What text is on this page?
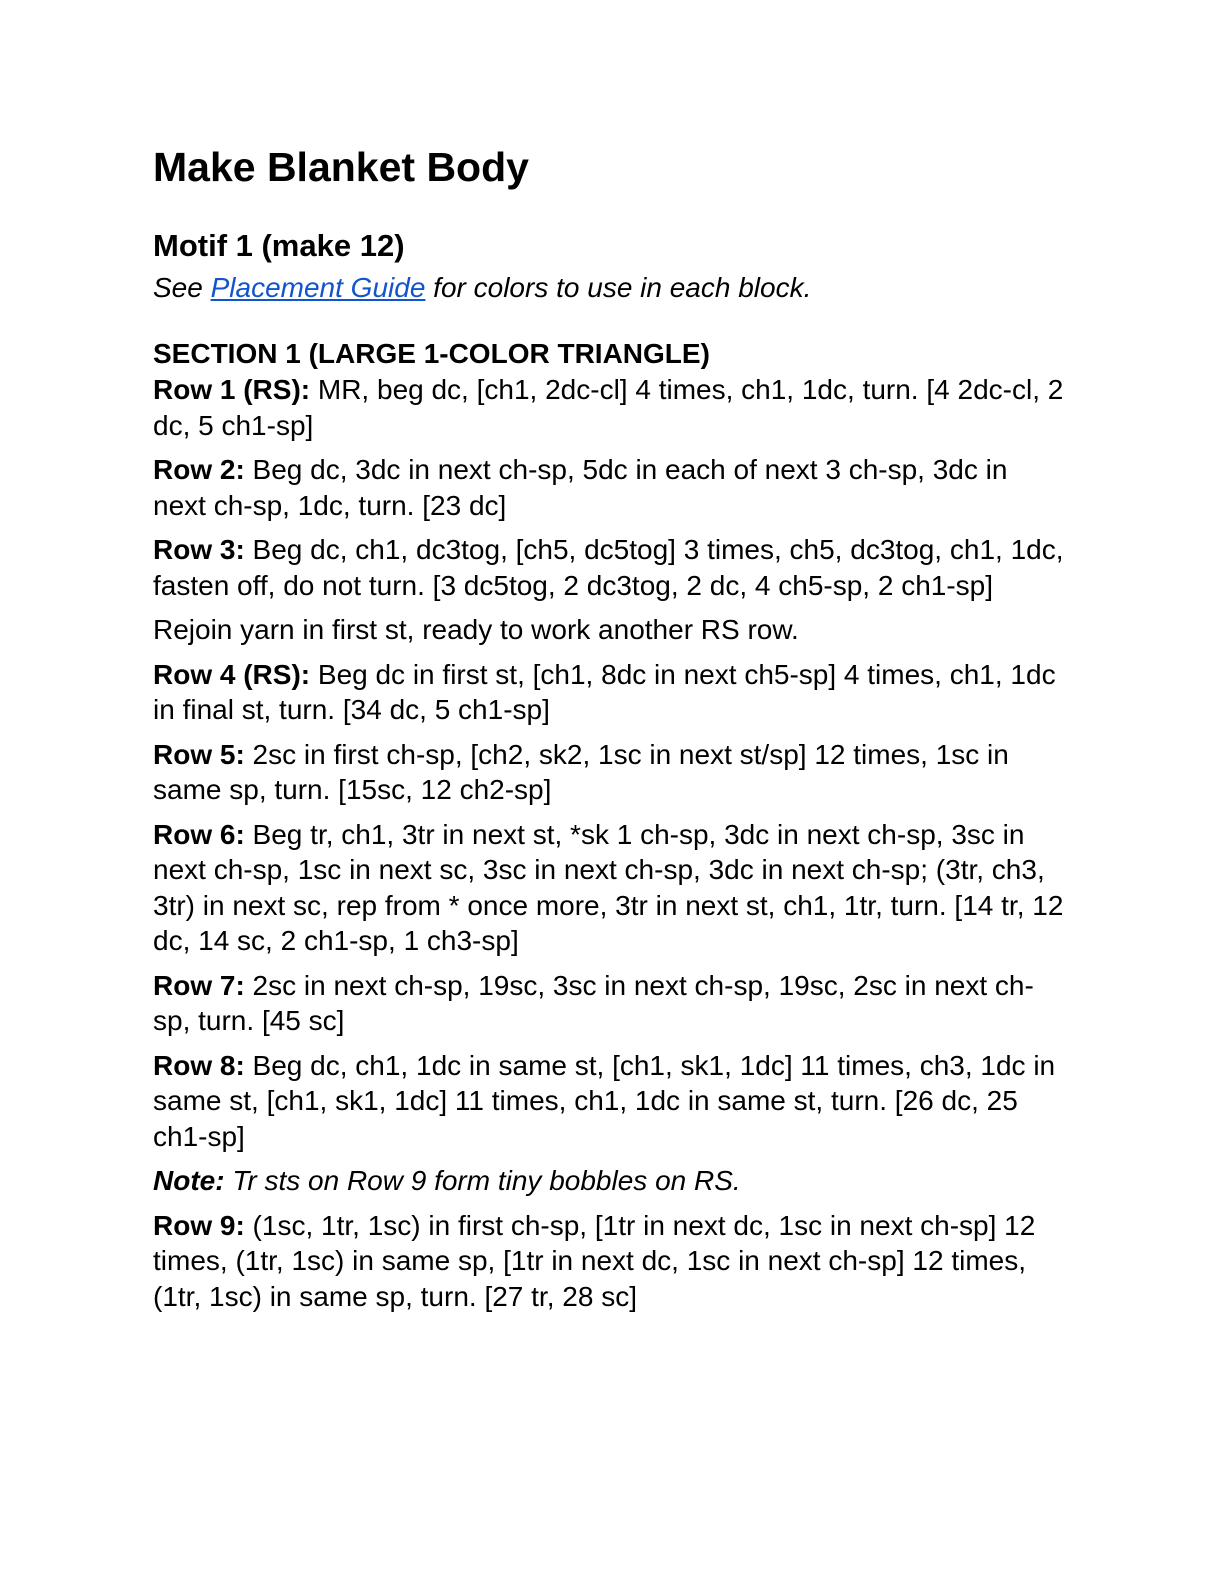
Make Blanket Body
Motif 1 (make 12)

See Placement Guide for colors to use in each block.

SECTION 1 (LARGE 1-COLOR TRIANGLE)

Row 1 (RS): MR, beg dc, [ch1, 2dc-cl] 4 times, ch1, 1dc, turn. [4 2dc-cl, 2 dc, 5 ch1-sp]

Row 2: Beg dc, 3dc in next ch-sp, 5dc in each of next 3 ch-sp, 3dc in next ch-sp, 1dc, turn. [23 dc]

Row 3: Beg dc, ch1, dc3tog, [ch5, dc5tog] 3 times, ch5, dc3tog, ch1, 1dc, fasten off, do not turn. [3 dc5tog, 2 dc3tog, 2 dc, 4 ch5-sp, 2 ch1-sp]

Rejoin yarn in first st, ready to work another RS row.

Row 4 (RS): Beg dc in first st, [ch1, 8dc in next ch5-sp] 4 times, ch1, 1dc in final st, turn. [34 dc, 5 ch1-sp]

Row 5: 2sc in first ch-sp, [ch2, sk2, 1sc in next st/sp] 12 times, 1sc in same sp, turn. [15sc, 12 ch2-sp]

Row 6: Beg tr, ch1, 3tr in next st, *sk 1 ch-sp, 3dc in next ch-sp, 3sc in next ch-sp, 1sc in next sc, 3sc in next ch-sp, 3dc in next ch-sp; (3tr, ch3, 3tr) in next sc, rep from * once more, 3tr in next st, ch1, 1tr, turn. [14 tr, 12 dc, 14 sc, 2 ch1-sp, 1 ch3-sp]

Row 7: 2sc in next ch-sp, 19sc, 3sc in next ch-sp, 19sc, 2sc in next ch-sp, turn. [45 sc]

Row 8: Beg dc, ch1, 1dc in same st, [ch1, sk1, 1dc] 11 times, ch3, 1dc in same st, [ch1, sk1, 1dc] 11 times, ch1, 1dc in same st, turn. [26 dc, 25 ch1-sp]

Note: Tr sts on Row 9 form tiny bobbles on RS.

Row 9: (1sc, 1tr, 1sc) in first ch-sp, [1tr in next dc, 1sc in next ch-sp] 12 times, (1tr, 1sc) in same sp, [1tr in next dc, 1sc in next ch-sp] 12 times, (1tr, 1sc) in same sp, turn. [27 tr, 28 sc]
